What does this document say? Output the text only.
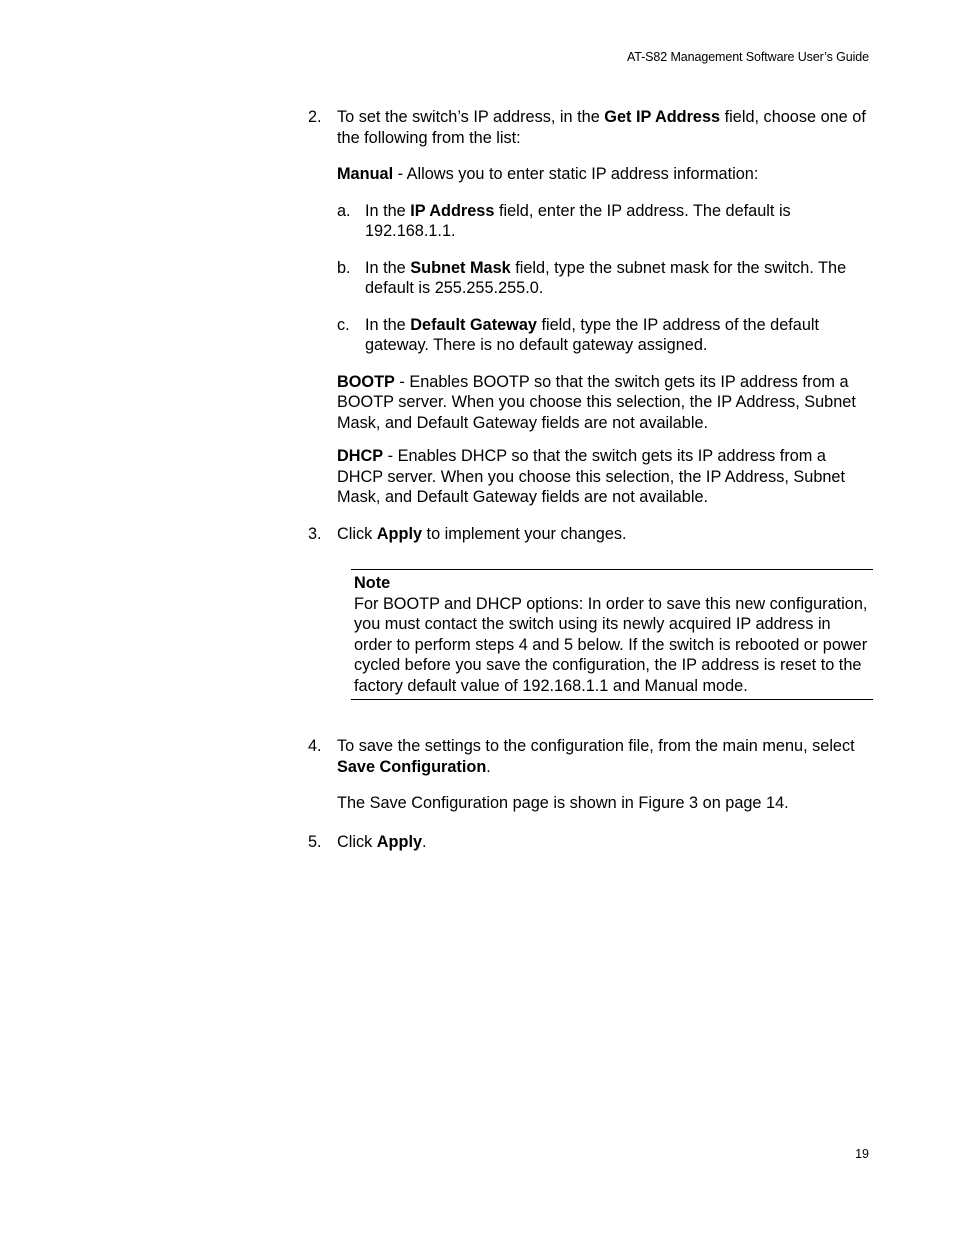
AT-S82 Management Software User’s Guide
2. To set the switch’s IP address, in the Get IP Address field, choose one of the following from the list:

Manual - Allows you to enter static IP address information:

a. In the IP Address field, enter the IP address. The default is 192.168.1.1.

b. In the Subnet Mask field, type the subnet mask for the switch. The default is 255.255.255.0.

c. In the Default Gateway field, type the IP address of the default gateway. There is no default gateway assigned.

BOOTP - Enables BOOTP so that the switch gets its IP address from a BOOTP server. When you choose this selection, the IP Address, Subnet Mask, and Default Gateway fields are not available.

DHCP - Enables DHCP so that the switch gets its IP address from a DHCP server. When you choose this selection, the IP Address, Subnet Mask, and Default Gateway fields are not available.

3. Click Apply to implement your changes.

Note
For BOOTP and DHCP options: In order to save this new configuration, you must contact the switch using its newly acquired IP address in order to perform steps 4 and 5 below. If the switch is rebooted or power cycled before you save the configuration, the IP address is reset to the factory default value of 192.168.1.1 and Manual mode.
4. To save the settings to the configuration file, from the main menu, select Save Configuration.

The Save Configuration page is shown in Figure 3 on page 14.

5. Click Apply.

19
